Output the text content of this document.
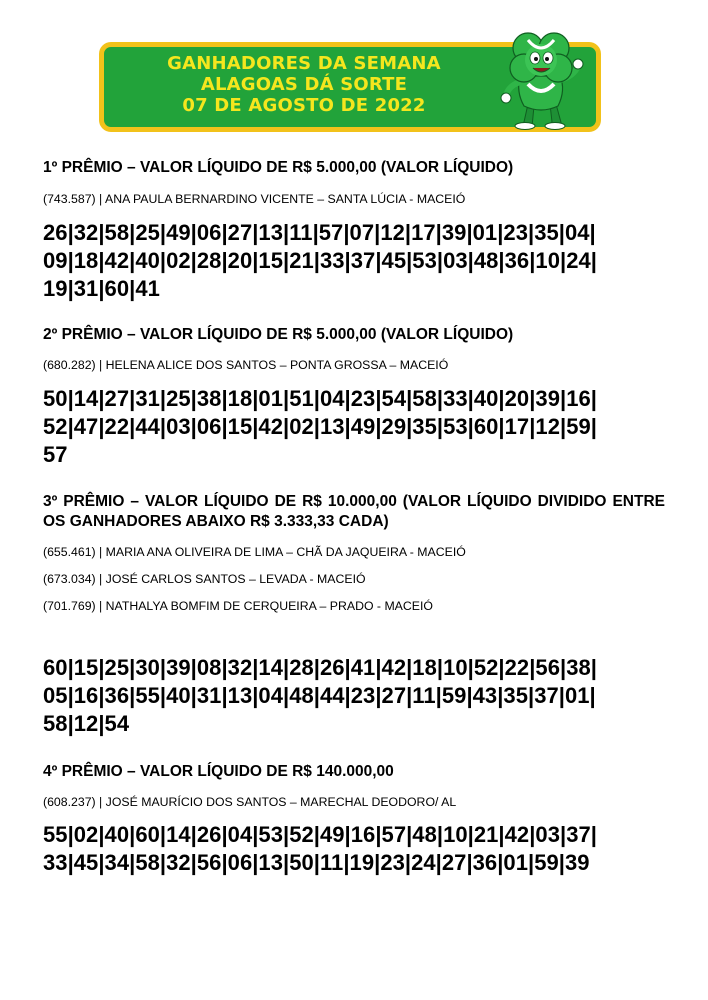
GANHADORES DA SEMANA
ALAGOAS DÁ SORTE
07 DE AGOSTO DE 2022
1º PRÊMIO – VALOR LÍQUIDO DE R$ 5.000,00 (VALOR LÍQUIDO)
(743.587) | ANA PAULA BERNARDINO VICENTE – SANTA LÚCIA - MACEIÓ
26|32|58|25|49|06|27|13|11|57|07|12|17|39|01|23|35|04|
09|18|42|40|02|28|20|15|21|33|37|45|53|03|48|36|10|24|
19|31|60|41
2º PRÊMIO – VALOR LÍQUIDO DE R$ 5.000,00 (VALOR LÍQUIDO)
(680.282) | HELENA ALICE DOS SANTOS – PONTA GROSSA – MACEIÓ
50|14|27|31|25|38|18|01|51|04|23|54|58|33|40|20|39|16|
52|47|22|44|03|06|15|42|02|13|49|29|35|53|60|17|12|59|
57
3º PRÊMIO – VALOR LÍQUIDO DE R$ 10.000,00 (VALOR LÍQUIDO DIVIDIDO ENTRE OS GANHADORES ABAIXO R$ 3.333,33 CADA)
(655.461) | MARIA ANA OLIVEIRA DE LIMA – CHÃ DA JAQUEIRA - MACEIÓ
(673.034) | JOSÉ CARLOS SANTOS – LEVADA - MACEIÓ
(701.769) | NATHALYA BOMFIM DE CERQUEIRA – PRADO - MACEIÓ
60|15|25|30|39|08|32|14|28|26|41|42|18|10|52|22|56|38|
05|16|36|55|40|31|13|04|48|44|23|27|11|59|43|35|37|01|
58|12|54
4º PRÊMIO – VALOR LÍQUIDO DE R$ 140.000,00
(608.237) | JOSÉ MAURÍCIO DOS SANTOS – MARECHAL DEODORO/ AL
55|02|40|60|14|26|04|53|52|49|16|57|48|10|21|42|03|37|
33|45|34|58|32|56|06|13|50|11|19|23|24|27|36|01|59|39
